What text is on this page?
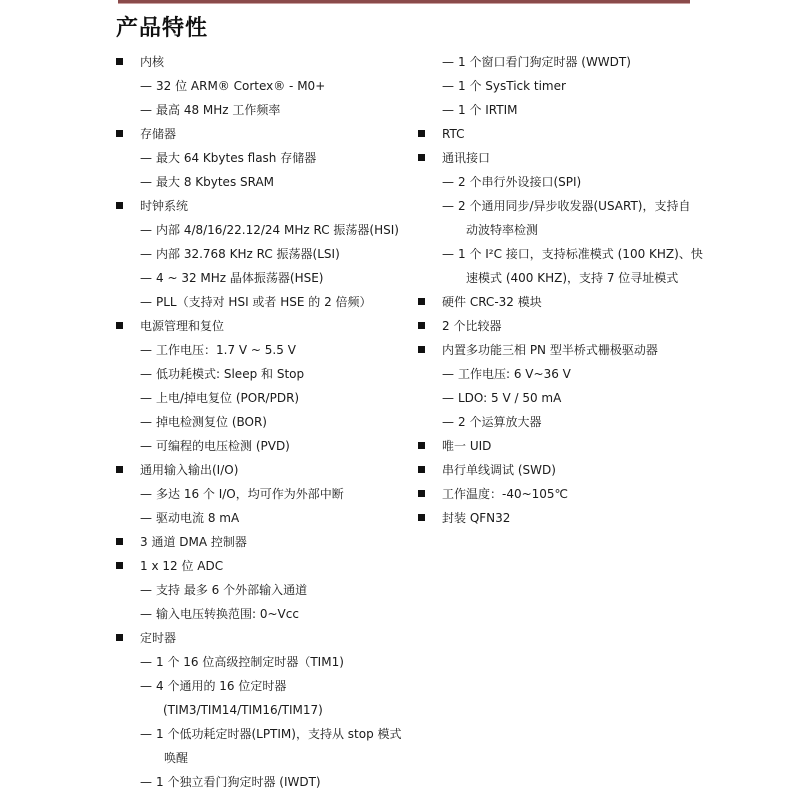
产品特性
内核
— 32 位 ARM® Cortex® - M0+
— 最高 48 MHz 工作频率
存储器
— 最大 64 Kbytes flash 存储器
— 最大 8 Kbytes SRAM
时钟系统
— 内部 4/8/16/22.12/24 MHz RC 振荡器(HSI)
— 内部 32.768 KHz RC 振荡器(LSI)
— 4 ~ 32 MHz 晶体振荡器(HSE)
— PLL（支持对 HSI 或者 HSE 的 2 倍频）
电源管理和复位
— 工作电压：1.7 V ~ 5.5 V
— 低功耗模式: Sleep 和 Stop
— 上电/掉电复位 (POR/PDR)
— 掉电检测复位 (BOR)
— 可编程的电压检测 (PVD)
通用输入输出(I/O)
— 多达 16 个 I/O，均可作为外部中断
— 驱动电流 8 mA
3 通道 DMA 控制器
1 x 12 位 ADC
— 支持 最多 6 个外部输入通道
— 输入电压转换范围: 0~Vcc
定时器
— 1 个 16 位高级控制定时器（TIM1)
— 4 个通用的 16 位定时器
(TIM3/TIM14/TIM16/TIM17)
— 1 个低功耗定时器(LPTIM)，支持从 stop 模式
唤醒
— 1 个独立看门狗定时器 (IWDT)
— 1 个窗口看门狗定时器 (WWDT)
— 1 个 SysTick timer
— 1 个 IRTIM
RTC
通讯接口
— 2 个串行外设接口(SPI)
— 2 个通用同步/异步收发器(USART)，支持自
动波特率检测
— 1 个 I²C 接口，支持标准模式 (100 KHZ)、快
速模式 (400 KHZ)，支持 7 位寻址模式
硬件 CRC-32 模块
2 个比较器
内置多功能三相 PN 型半桥式栅极驱动器
— 工作电压: 6 V~36 V
— LDO: 5 V / 50 mA
— 2 个运算放大器
唯一 UID
串行单线调试 (SWD)
工作温度：-40~105℃
封装 QFN32
